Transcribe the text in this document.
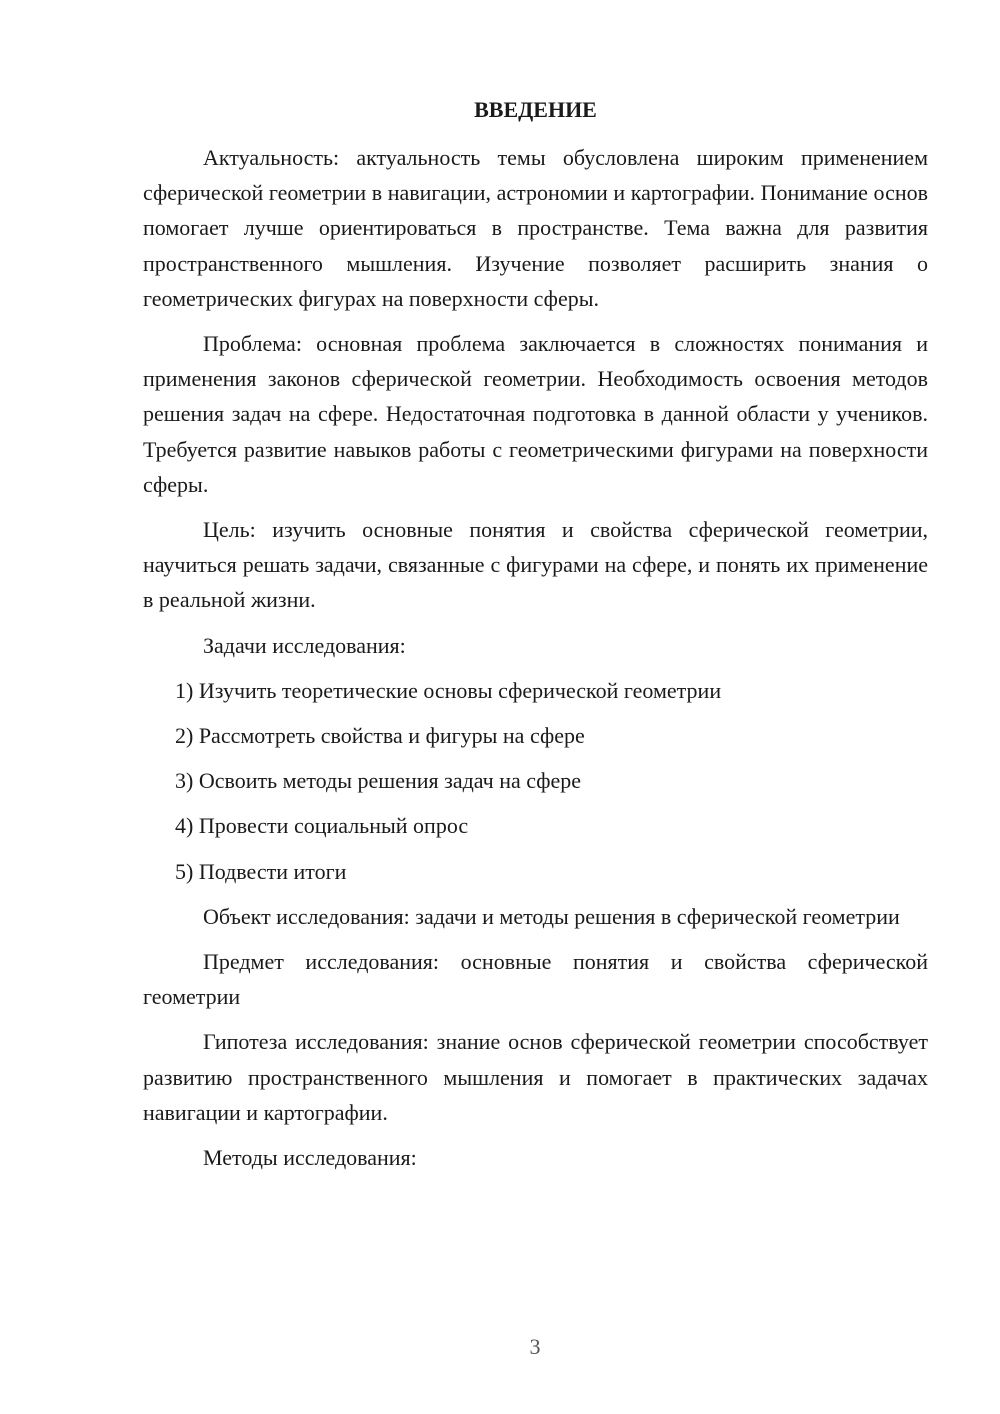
ВВЕДЕНИЕ

Актуальность: актуальность темы обусловлена широким применением сферической геометрии в навигации, астрономии и картографии. Понимание основ помогает лучше ориентироваться в пространстве. Тема важна для развития пространственного мышления. Изучение позволяет расширить знания о геометрических фигурах на поверхности сферы.

Проблема: основная проблема заключается в сложностях понимания и применения законов сферической геометрии. Необходимость освоения методов решения задач на сфере. Недостаточная подготовка в данной области у учеников. Требуется развитие навыков работы с геометрическими фигурами на поверхности сферы.

Цель: изучить основные понятия и свойства сферической геометрии, научиться решать задачи, связанные с фигурами на сфере, и понять их применение в реальной жизни.

Задачи исследования:

1) Изучить теоретические основы сферической геометрии

2) Рассмотреть свойства и фигуры на сфере

3) Освоить методы решения задач на сфере

4) Провести социальный опрос

5) Подвести итоги

Объект исследования: задачи и методы решения в сферической геометрии

Предмет исследования: основные понятия и свойства сферической геометрии

Гипотеза исследования: знание основ сферической геометрии способствует развитию пространственного мышления и помогает в практических задачах навигации и картографии.

Методы исследования:

3
